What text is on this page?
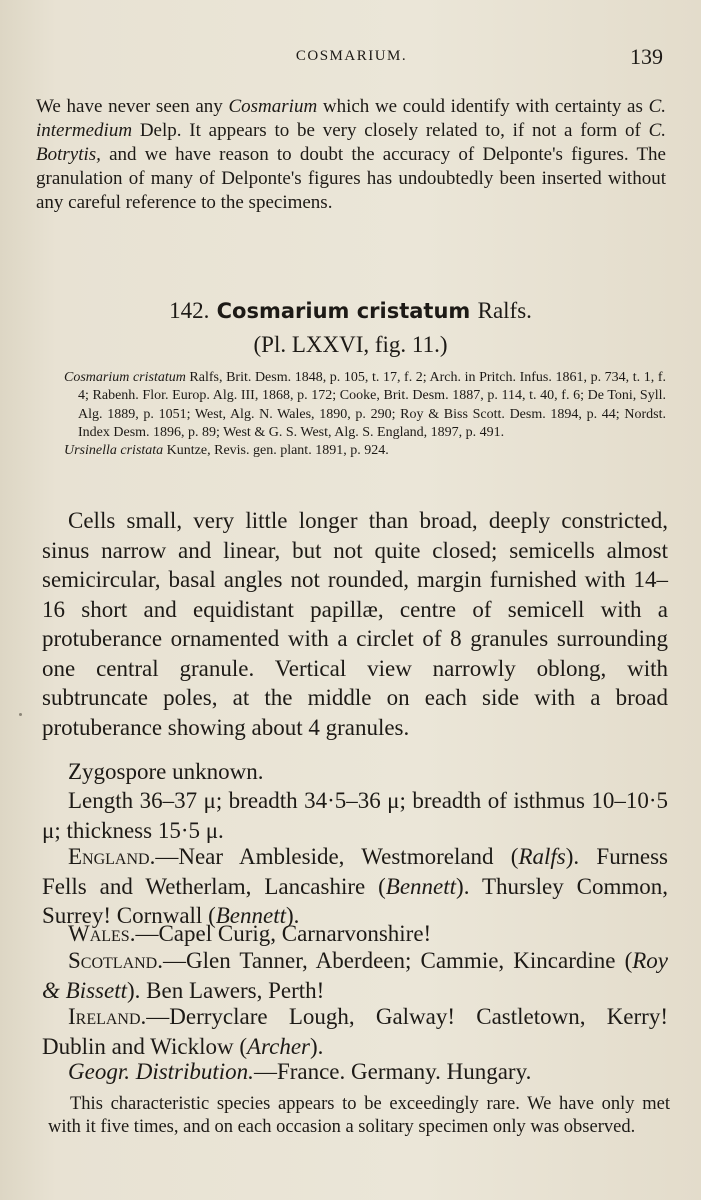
COSMARIUM.	139

We have never seen any Cosmarium which we could identify with certainty as C. intermedium Delp. It appears to be very closely related to, if not a form of C. Botrytis, and we have reason to doubt the accuracy of Delponte's figures. The granulation of many of Delponte's figures has undoubtedly been inserted without any careful reference to the specimens.

142. Cosmarium cristatum Ralfs.
(Pl. LXXVI, fig. 11.)

Cosmarium cristatum Ralfs, Brit. Desm. 1848, p. 105, t. 17, f. 2; Arch. in Pritch. Infus. 1861, p. 734, t. 1, f. 4; Rabenh. Flor. Europ. Alg. III, 1868, p. 172; Cooke, Brit. Desm. 1887, p. 114, t. 40, f. 6; De Toni, Syll. Alg. 1889, p. 1051; West, Alg. N. Wales, 1890, p. 290; Roy & Biss Scott. Desm. 1894, p. 44; Nordst. Index Desm. 1896, p. 89; West & G. S. West, Alg. S. England, 1897, p. 491.

Ursinella cristata Kuntze, Revis. gen. plant. 1891, p. 924.

Cells small, very little longer than broad, deeply constricted, sinus narrow and linear, but not quite closed; semicells almost semicircular, basal angles not rounded, margin furnished with 14–16 short and equidistant papillæ, centre of semicell with a protuberance ornamented with a circlet of 8 granules surrounding one central granule. Vertical view narrowly oblong, with subtruncate poles, at the middle on each side with a broad protuberance showing about 4 granules.

Zygospore unknown.

Length 36–37 μ; breadth 34·5–36 μ; breadth of isthmus 10–10·5 μ; thickness 15·5 μ.

England.—Near Ambleside, Westmoreland (Ralfs). Furness Fells and Wetherlam, Lancashire (Bennett). Thursley Common, Surrey! Cornwall (Bennett).

Wales.—Capel Curig, Carnarvonshire!

Scotland.—Glen Tanner, Aberdeen; Cammie, Kincardine (Roy & Bissett). Ben Lawers, Perth!

Ireland.—Derryclare Lough, Galway! Castletown, Kerry! Dublin and Wicklow (Archer).

Geogr. Distribution.—France. Germany. Hungary.

This characteristic species appears to be exceedingly rare. We have only met with it five times, and on each occasion a solitary specimen only was observed.
